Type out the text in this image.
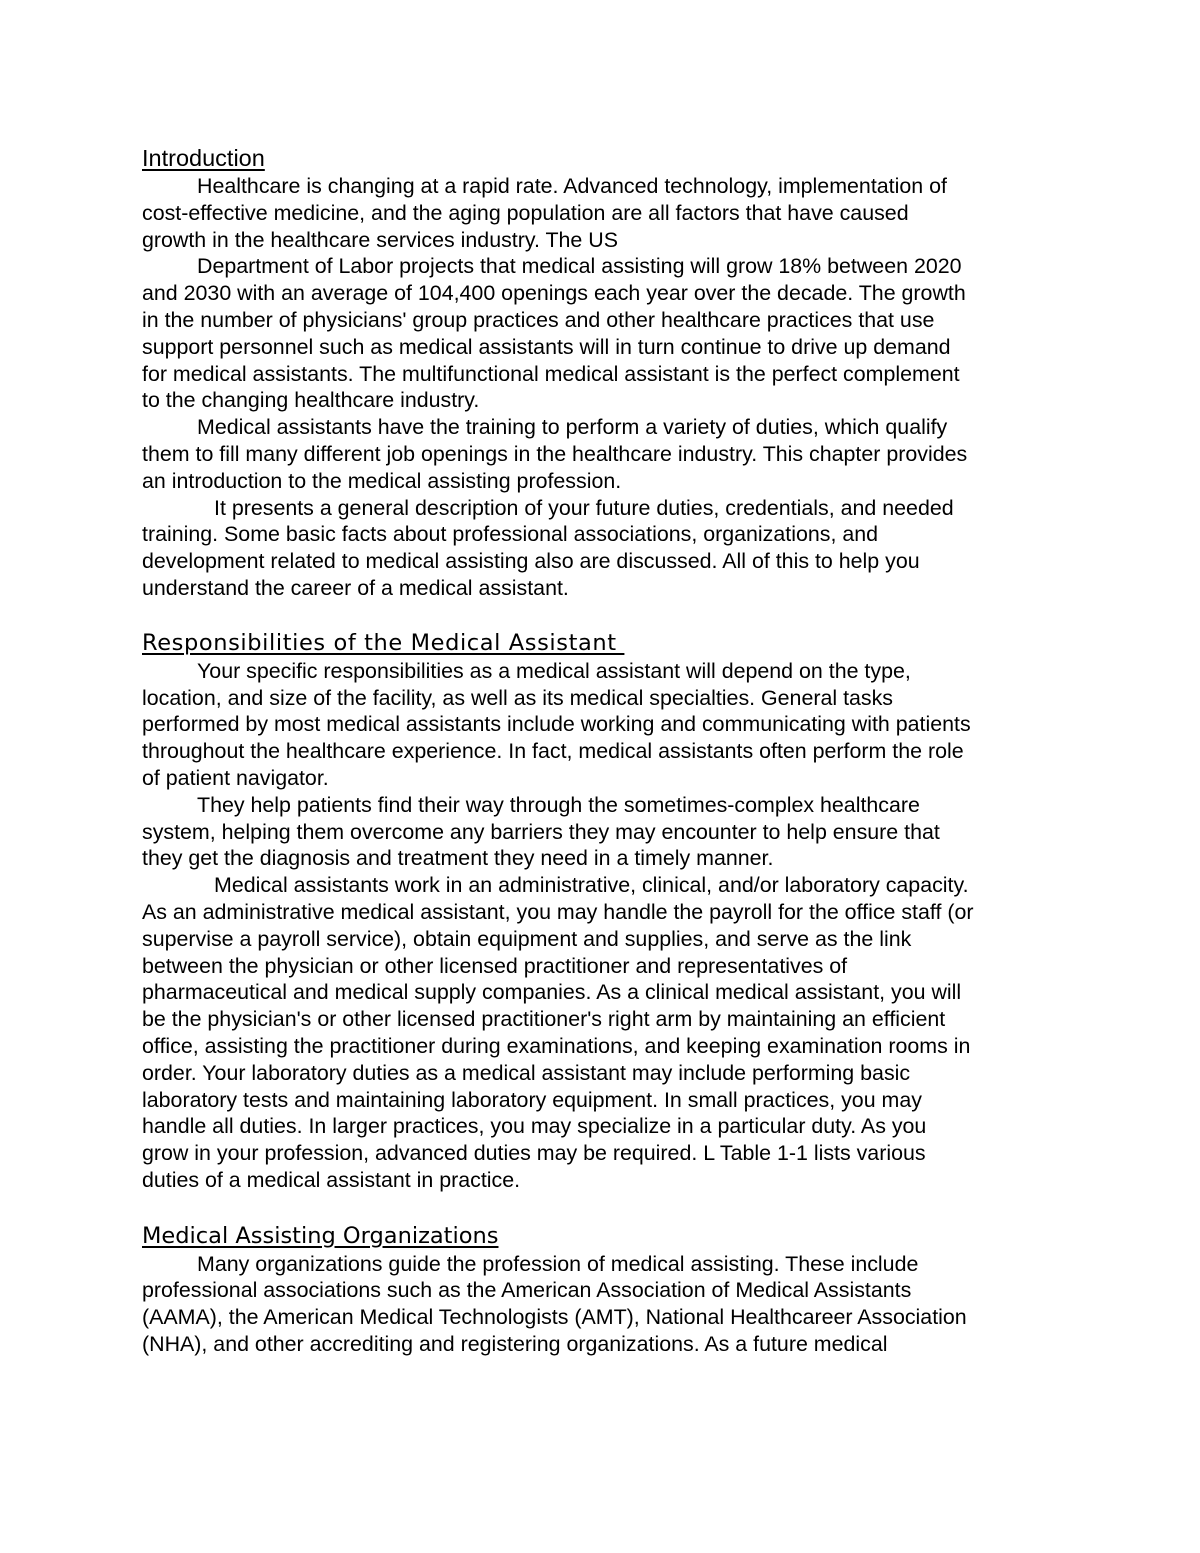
Introduction
Healthcare is changing at a rapid rate. Advanced technology, implementation of
cost-effective medicine, and the aging population are all factors that have caused
growth in the healthcare services industry. The US
Department of Labor projects that medical assisting will grow 18% between 2020
and 2030 with an average of 104,400 openings each year over the decade. The growth
in the number of physicians' group practices and other healthcare practices that use
support personnel such as medical assistants will in turn continue to drive up demand
for medical assistants. The multifunctional medical assistant is the perfect complement
to the changing healthcare industry.
Medical assistants have the training to perform a variety of duties, which qualify
them to fill many different job openings in the healthcare industry. This chapter provides
an introduction to the medical assisting profession.
It presents a general description of your future duties, credentials, and needed
training. Some basic facts about professional associations, organizations, and
development related to medical assisting also are discussed. All of this to help you
understand the career of a medical assistant.
Responsibilities of the Medical Assistant
Your specific responsibilities as a medical assistant will depend on the type,
location, and size of the facility, as well as its medical specialties. General tasks
performed by most medical assistants include working and communicating with patients
throughout the healthcare experience. In fact, medical assistants often perform the role
of patient navigator.
They help patients find their way through the sometimes-complex healthcare
system, helping them overcome any barriers they may encounter to help ensure that
they get the diagnosis and treatment they need in a timely manner.
Medical assistants work in an administrative, clinical, and/or laboratory capacity.
As an administrative medical assistant, you may handle the payroll for the office staff (or
supervise a payroll service), obtain equipment and supplies, and serve as the link
between the physician or other licensed practitioner and representatives of
pharmaceutical and medical supply companies. As a clinical medical assistant, you will
be the physician's or other licensed practitioner's right arm by maintaining an efficient
office, assisting the practitioner during examinations, and keeping examination rooms in
order. Your laboratory duties as a medical assistant may include performing basic
laboratory tests and maintaining laboratory equipment. In small practices, you may
handle all duties. In larger practices, you may specialize in a particular duty. As you
grow in your profession, advanced duties may be required. L Table 1-1 lists various
duties of a medical assistant in practice.
Medical Assisting Organizations
Many organizations guide the profession of medical assisting. These include
professional associations such as the American Association of Medical Assistants
(AAMA), the American Medical Technologists (AMT), National Healthcareer Association
(NHA), and other accrediting and registering organizations. As a future medical
